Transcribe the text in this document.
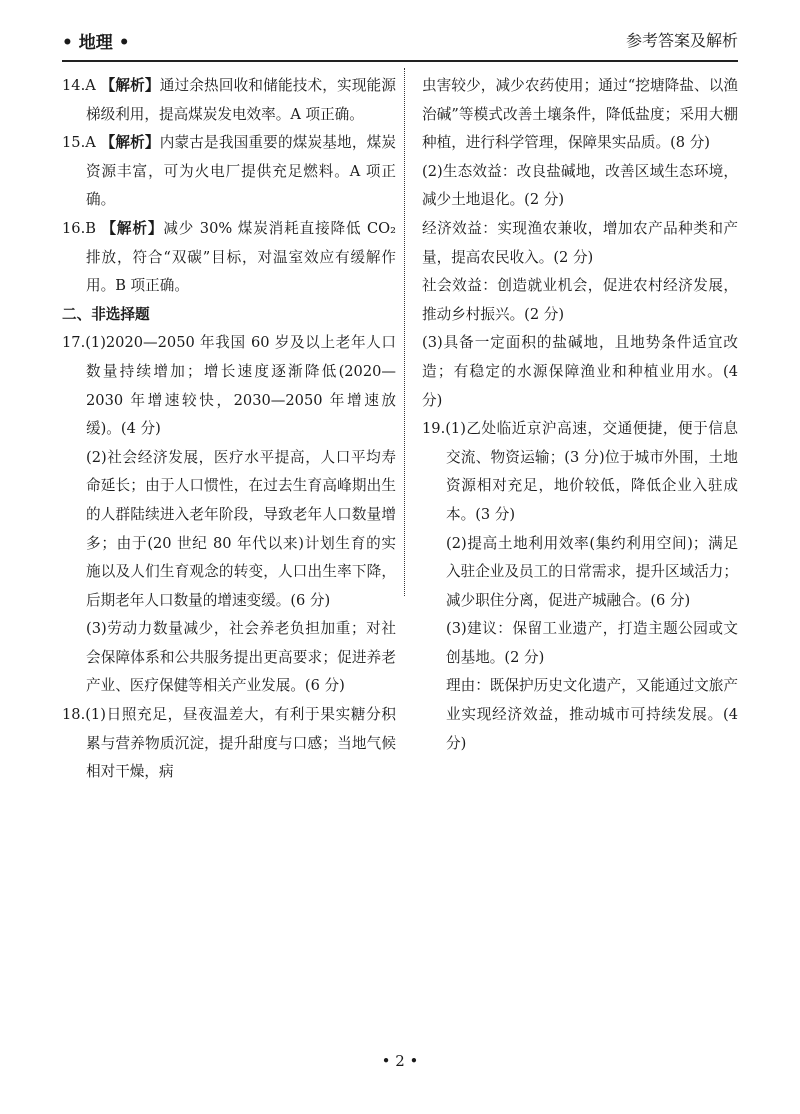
• 地理 •	参考答案及解析

14.A 【解析】通过余热回收和储能技术，实现能源梯级利用，提高煤炭发电效率。A 项正确。

15.A 【解析】内蒙古是我国重要的煤炭基地，煤炭资源丰富，可为火电厂提供充足燃料。A 项正确。

16.B 【解析】减少 30% 煤炭消耗直接降低 CO₂ 排放，符合“双碳”目标，对温室效应有缓解作用。B 项正确。

二、非选择题

17.(1)2020—2050 年我国 60 岁及以上老年人口数量持续增加；增长速度逐渐降低(2020—2030 年增速较快，2030—2050 年增速放缓)。(4 分)

(2)社会经济发展，医疗水平提高，人口平均寿命延长；由于人口惯性，在过去生育高峰期出生的人群陆续进入老年阶段，导致老年人口数量增多；由于(20 世纪 80 年代以来)计划生育的实施以及人们生育观念的转变，人口出生率下降，后期老年人口数量的增速变缓。(6 分)

(3)劳动力数量减少，社会养老负担加重；对社会保障体系和公共服务提出更高要求；促进养老产业、医疗保健等相关产业发展。(6 分)

18.(1)日照充足，昼夜温差大，有利于果实糖分积累与营养物质沉淀，提升甜度与口感；当地气候相对干燥，病

虫害较少，减少农药使用；通过“挖塘降盐、以渔治碱”等模式改善土壤条件，降低盐度；采用大棚种植，进行科学管理，保障果实品质。(8 分)

(2)生态效益：改良盐碱地，改善区域生态环境，减少土地退化。(2 分)

经济效益：实现渔农兼收，增加农产品种类和产量，提高农民收入。(2 分)

社会效益：创造就业机会，促进农村经济发展，推动乡村振兴。(2 分)

(3)具备一定面积的盐碱地，且地势条件适宜改造；有稳定的水源保障渔业和种植业用水。(4 分)

19.(1)乙处临近京沪高速，交通便捷，便于信息交流、物资运输；(3 分)位于城市外围，土地资源相对充足，地价较低，降低企业入驻成本。(3 分)

(2)提高土地利用效率(集约利用空间)；满足入驻企业及员工的日常需求，提升区域活力；减少职住分离，促进产城融合。(6 分)

(3)建议：保留工业遗产，打造主题公园或文创基地。(2 分)

理由：既保护历史文化遗产，又能通过文旅产业实现经济效益，推动城市可持续发展。(4 分)

• 2 •
